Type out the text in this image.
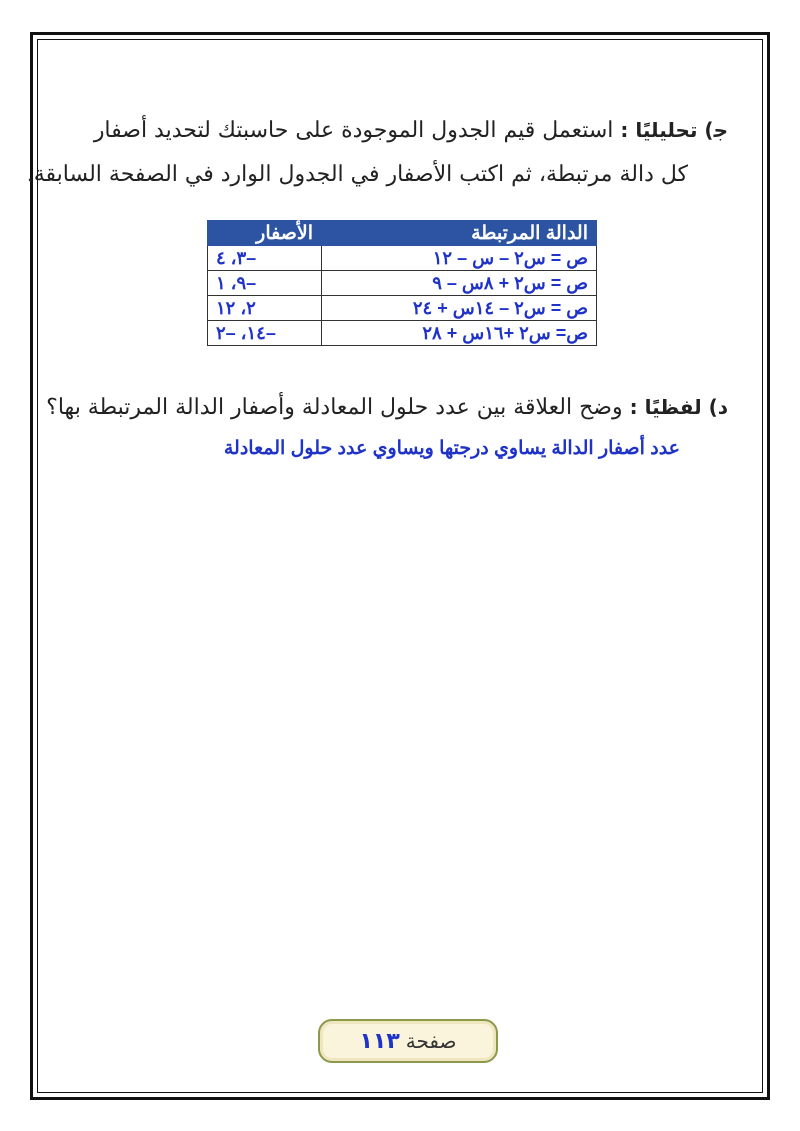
ﺟ) تحليليًا : استعمل قيم الجدول الموجودة على حاسبتك لتحديد أصفار
كل دالة مرتبطة، ثم اكتب الأصفار في الجدول الوارد في الصفحة السابقة.
الدالة المرتبطة	الأصفار
ص = س٢ – س – ١٢	–٣، ٤
ص = س٢ + ٨س – ٩	–٩، ١
ص = س٢ – ١٤س + ٢٤	٢، ١٢
ص= س٢ +١٦س + ٢٨	–١٤، –٢
د) لفظيًا : وضح العلاقة بين عدد حلول المعادلة وأصفار الدالة المرتبطة بها؟
عدد أصفار الدالة يساوي درجتها ويساوي عدد حلول المعادلة
صفحة
١١٣
